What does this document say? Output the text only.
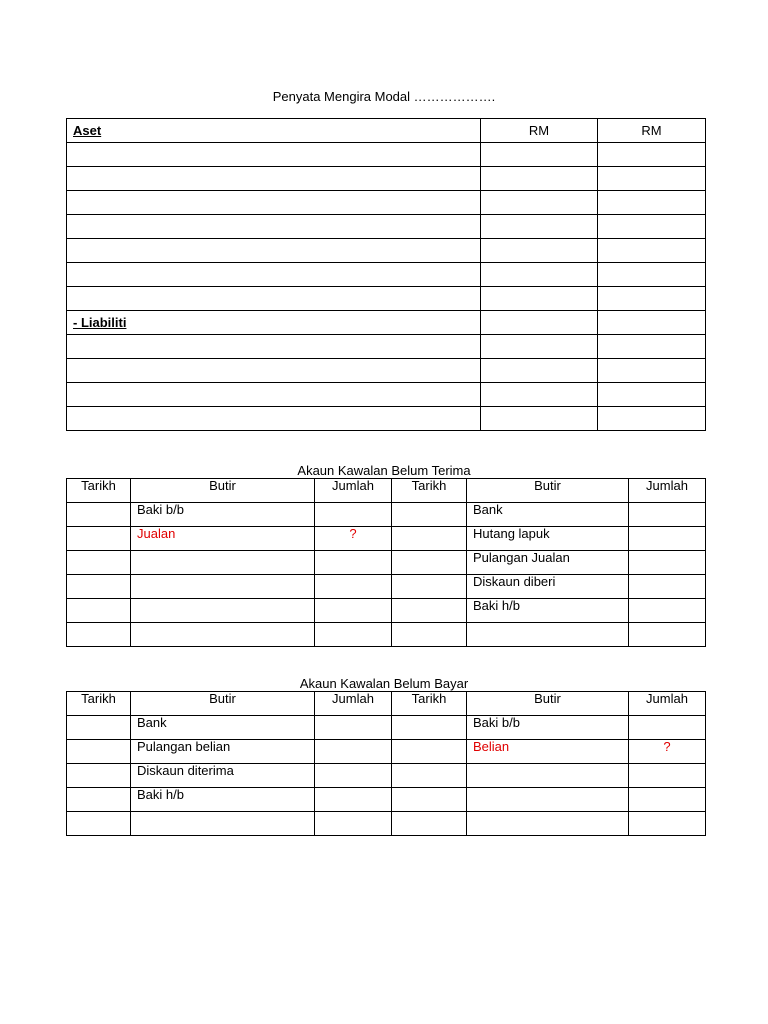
Penyata Mengira Modal ……………….
Aset	RM	RM

- Liabiliti		

Akaun Kawalan Belum Terima
Tarikh	Butir	Jumlah	Tarikh	Butir	Jumlah
	Baki b/b			Bank	
	Jualan	?		Hutang lapuk	
				Pulangan Jualan	
				Diskaun diberi	
				Baki h/b	

Akaun Kawalan Belum Bayar
Tarikh	Butir	Jumlah	Tarikh	Butir	Jumlah
	Bank			Baki b/b	
	Pulangan belian			Belian	?
	Diskaun diterima				
	Baki h/b				
